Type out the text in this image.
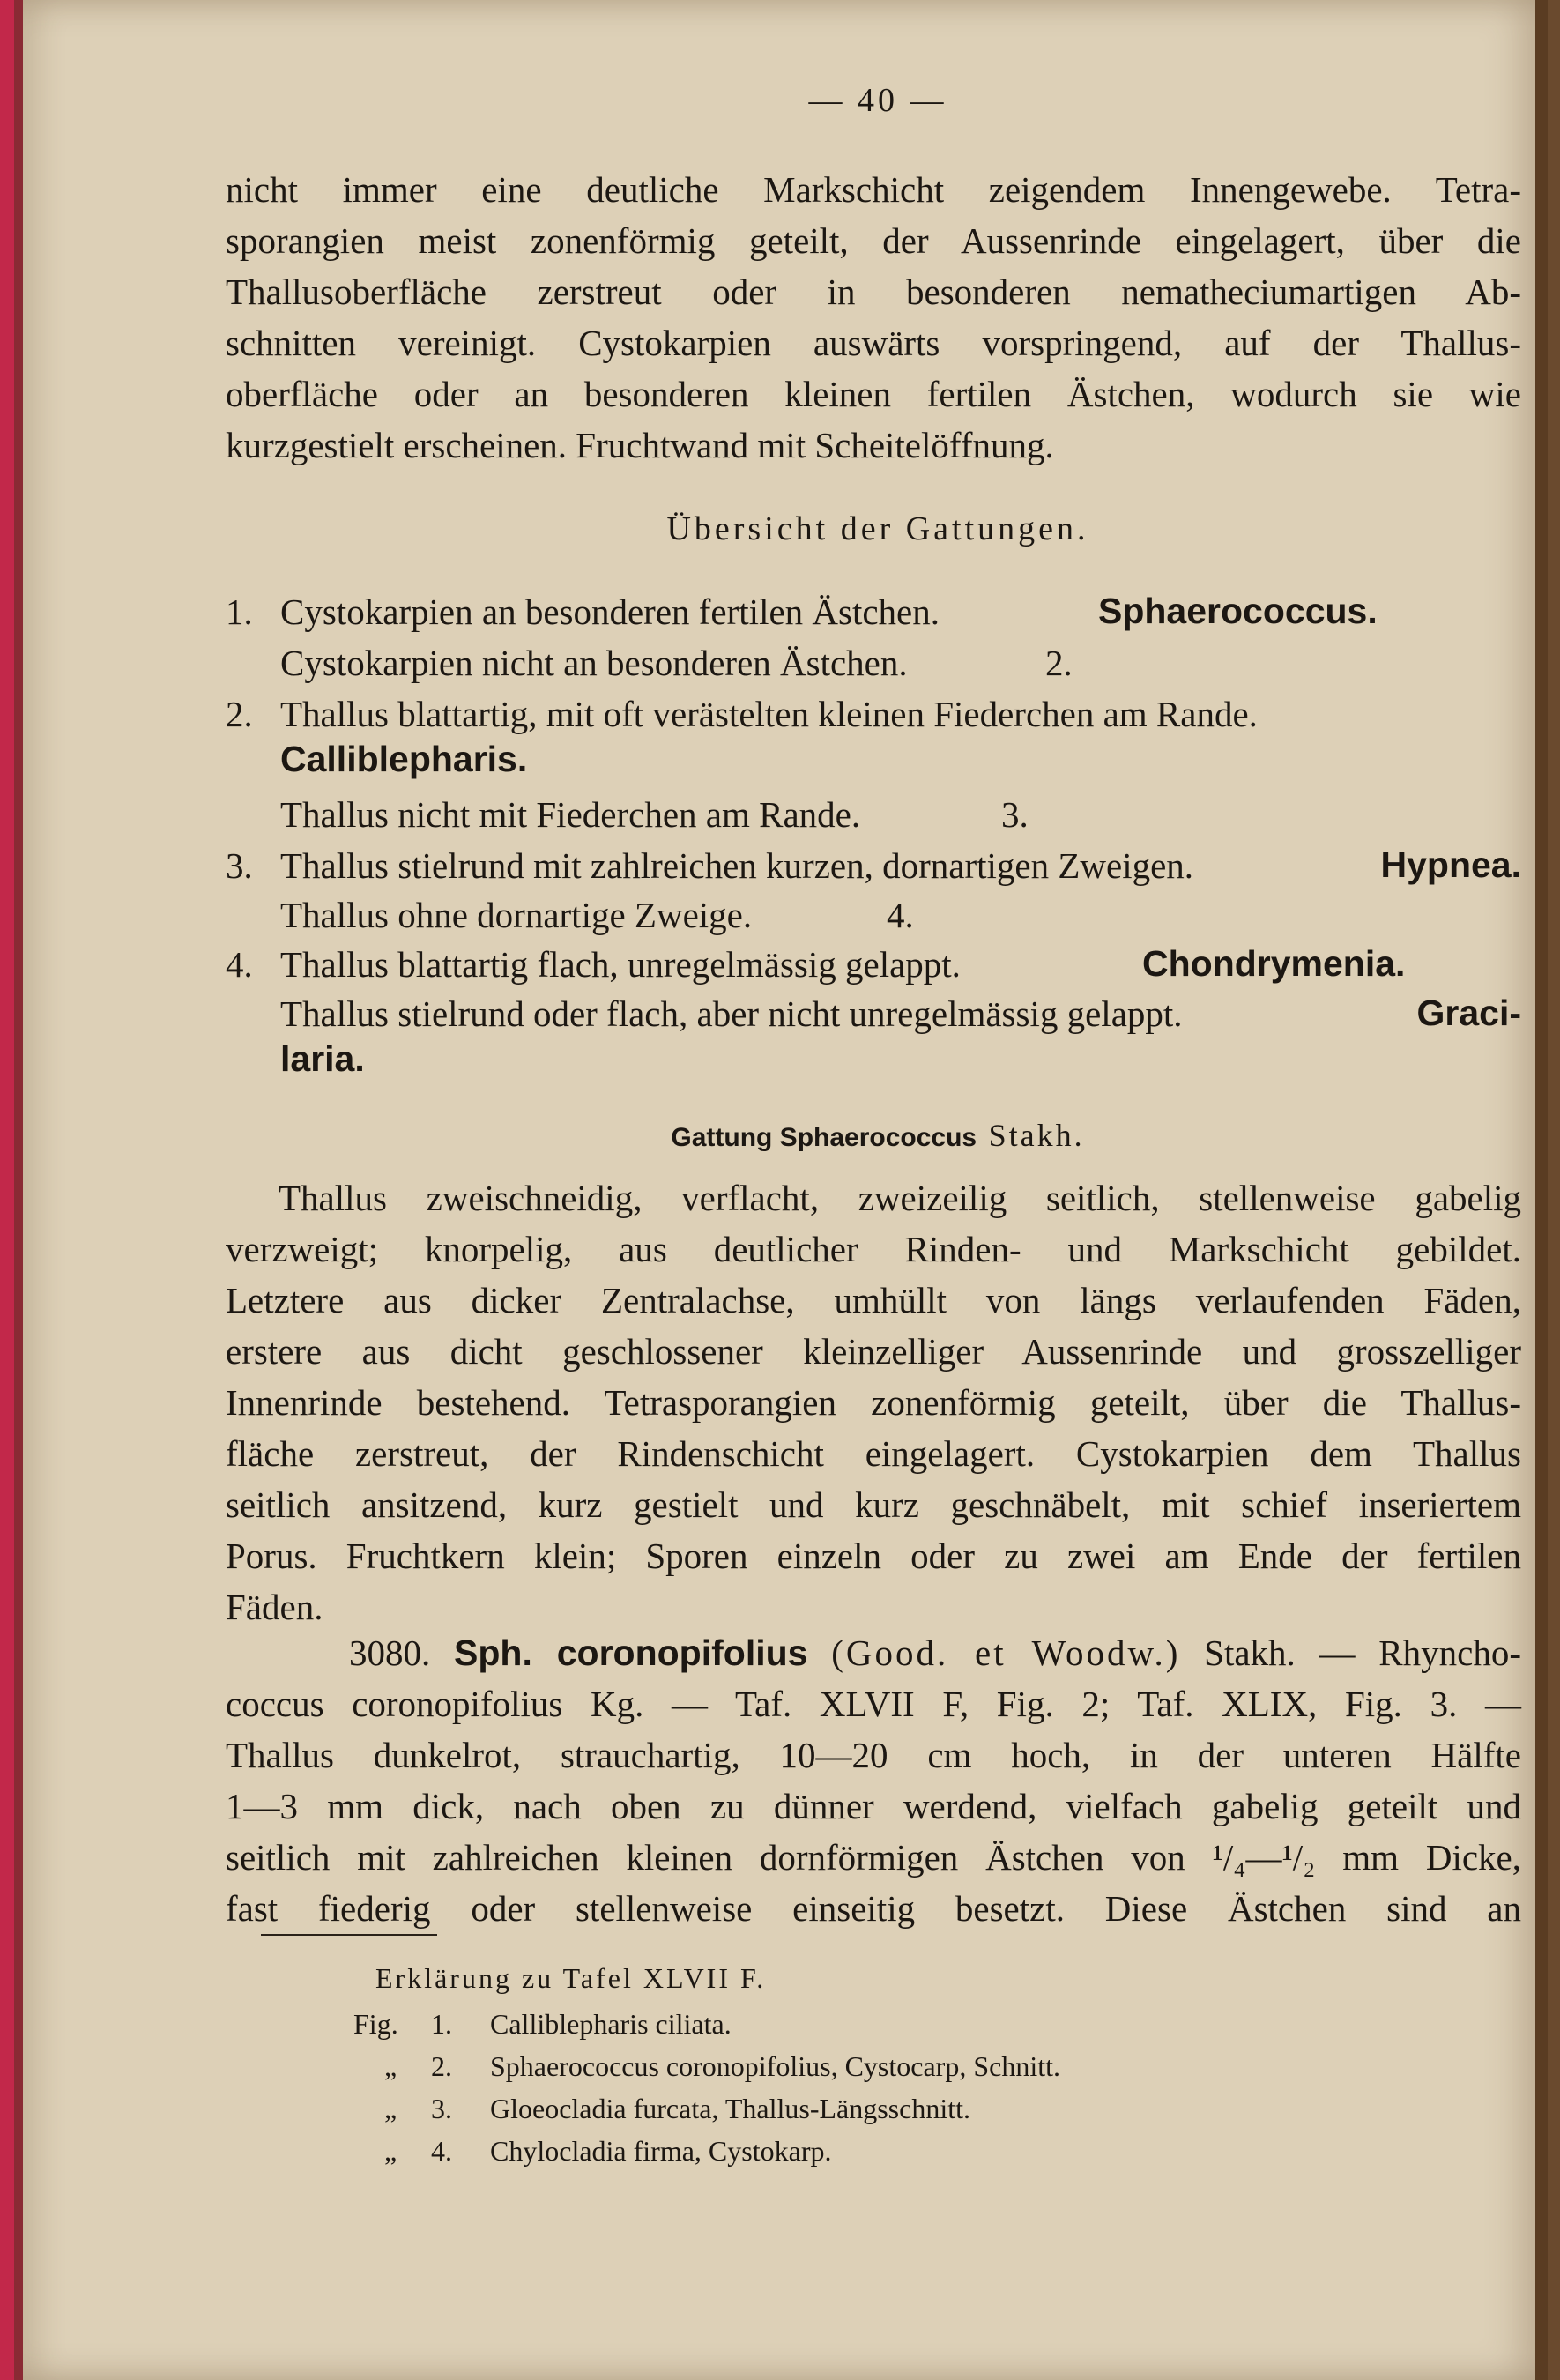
— 40 —
nicht immer eine deutliche Markschicht zeigendem Innengewebe. Tetra-
sporangien meist zonenförmig geteilt, der Aussenrinde eingelagert, über die
Thallusoberfläche zerstreut oder in besonderen nematheciumartigen Ab-
schnitten vereinigt. Cystokarpien auswärts vorspringend, auf der Thallus-
oberfläche oder an besonderen kleinen fertilen Ästchen, wodurch sie wie
kurzgestielt erscheinen. Fruchtwand mit Scheitelöffnung.
Übersicht der Gattungen.
1. Cystokarpien an besonderen fertilen Ästchen.	Sphaerococcus.
Cystokarpien nicht an besonderen Ästchen.	2.
2. Thallus blattartig, mit oft verästelten kleinen Fiederchen am Rande.
Calliblepharis.
Thallus nicht mit Fiederchen am Rande.	3.
3. Thallus stielrund mit zahlreichen kurzen, dornartigen Zweigen.	Hypnea.
Thallus ohne dornartige Zweige.	4.
4. Thallus blattartig flach, unregelmässig gelappt.	Chondrymenia.
Thallus stielrund oder flach, aber nicht unregelmässig gelappt.	Graci-
laria.
Gattung Sphaerococcus Stakh.
Thallus zweischneidig, verflacht, zweizeilig seitlich, stellenweise gabelig
verzweigt; knorpelig, aus deutlicher Rinden- und Markschicht gebildet.
Letztere aus dicker Zentralachse, umhüllt von längs verlaufenden Fäden,
erstere aus dicht geschlossener kleinzelliger Aussenrinde und grosszelliger
Innenrinde bestehend. Tetrasporangien zonenförmig geteilt, über die Thallus-
fläche zerstreut, der Rindenschicht eingelagert. Cystokarpien dem Thallus
seitlich ansitzend, kurz gestielt und kurz geschnäbelt, mit schief inseriertem
Porus. Fruchtkern klein; Sporen einzeln oder zu zwei am Ende der fertilen
Fäden.
3080. Sph. coronopifolius (Good. et Woodw.) Stakh. — Rhyncho-
coccus coronopifolius Kg. — Taf. XLVII F, Fig. 2; Taf. XLIX, Fig. 3. —
Thallus dunkelrot, strauchartig, 10—20 cm hoch, in der unteren Hälfte
1—3 mm dick, nach oben zu dünner werdend, vielfach gabelig geteilt und
seitlich mit zahlreichen kleinen dornförmigen Ästchen von ¹/₄—¹/₂ mm Dicke,
fast fiederig oder stellenweise einseitig besetzt. Diese Ästchen sind an
Erklärung zu Tafel XLVII F.
Fig. 1. Calliblepharis ciliata.
„ 2. Sphaerococcus coronopifolius, Cystocarp, Schnitt.
„ 3. Gloeocladia furcata, Thallus-Längsschnitt.
„ 4. Chylocladia firma, Cystokarp.
